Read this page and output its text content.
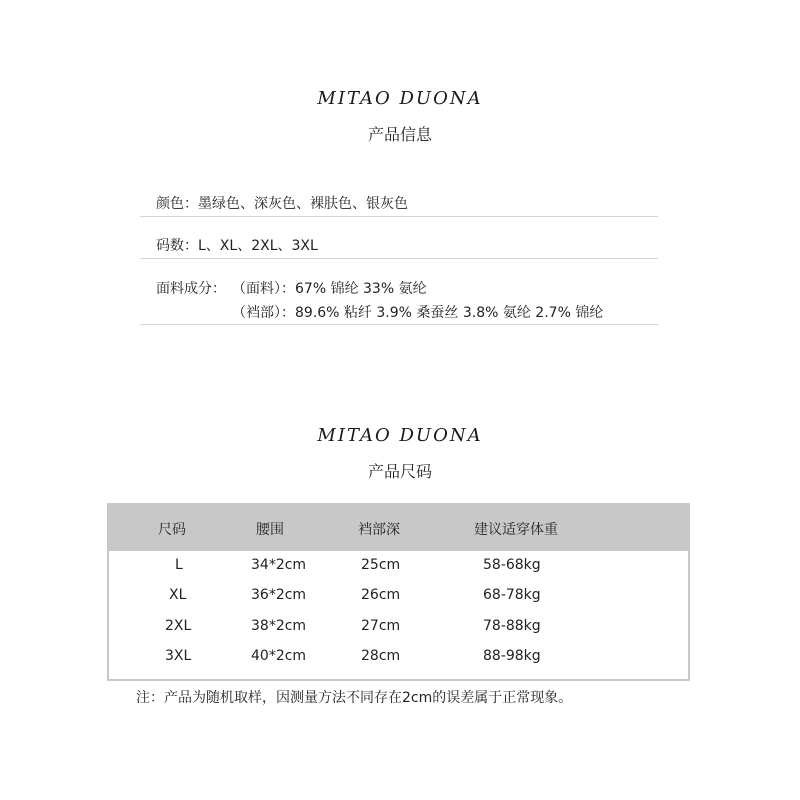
MITAO DUONA
产品信息
颜色：墨绿色、深灰色、裸肤色、银灰色
码数：L、XL、2XL、3XL
面料成分： （面料）：67% 锦纶 33% 氨纶
（裆部）：89.6% 粘纤 3.9% 桑蚕丝 3.8% 氨纶 2.7% 锦纶
MITAO DUONA
产品尺码
尺码	腰围	裆部深	建议适穿体重
L	34*2cm	25cm	58-68kg
XL	36*2cm	26cm	68-78kg
2XL	38*2cm	27cm	78-88kg
3XL	40*2cm	28cm	88-98kg
注：产品为随机取样，因测量方法不同存在2cm的误差属于正常现象。
